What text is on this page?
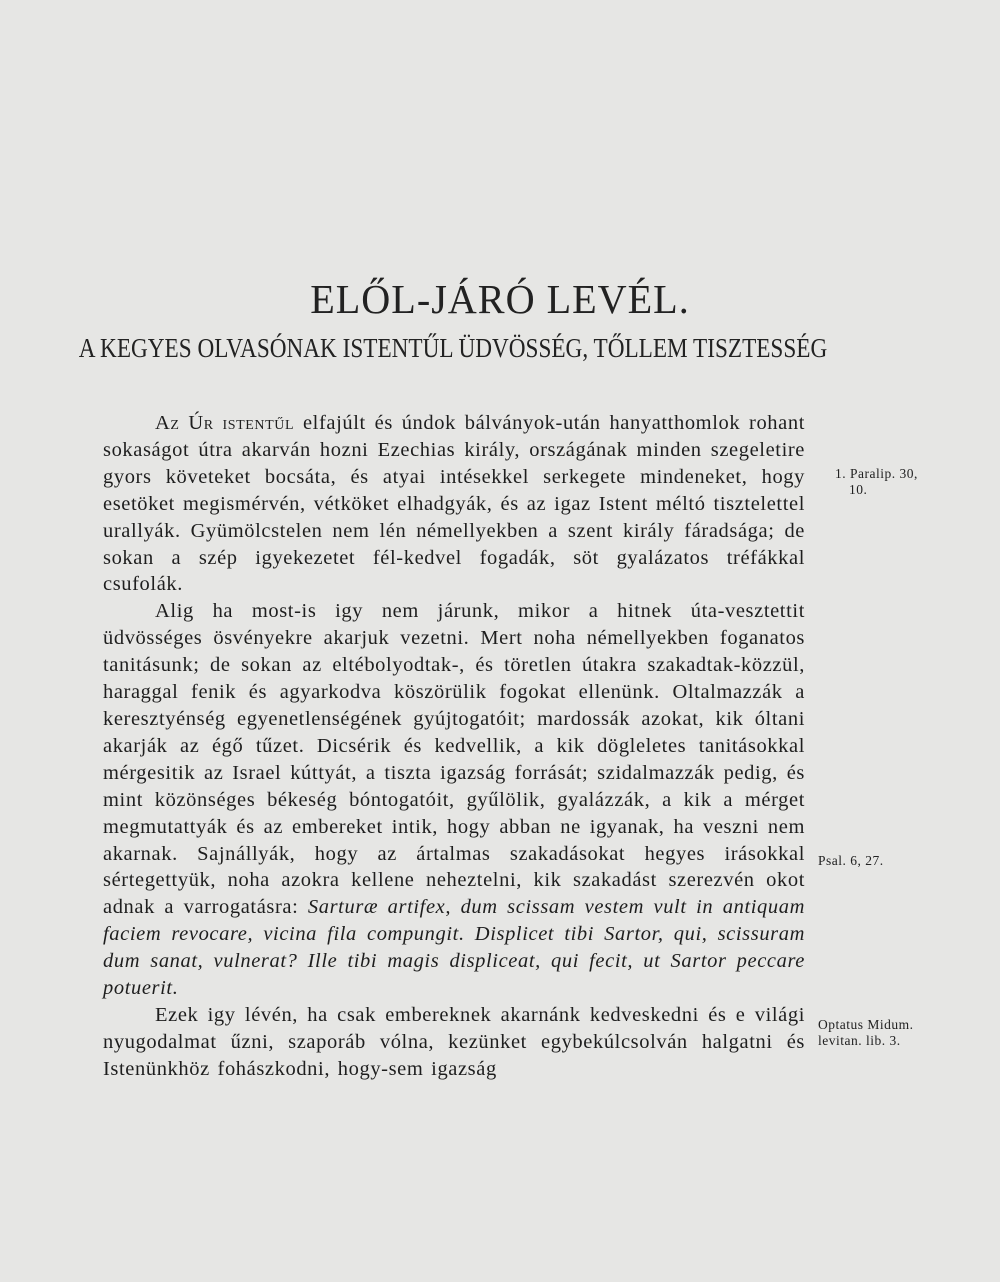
ELŐL-JÁRÓ LEVÉL.
A KEGYES OLVASÓNAK ISTENTŰL ÜDVÖSSÉG, TŐLLEM TISZTESSÉG

Az Úr istentűl elfajúlt és úndok bálványok-után hanyatthomlok rohant sokaságot útra akarván hozni Ezechias király, országának minden szegeletire gyors követeket bocsáta, és atyai intésekkel serkegete mindeneket, hogy esetöket megismérvén, vétköket elhadgyák, és az igaz Istent méltó tisztelettel urallyák. Gyümölcstelen nem lén némellyekben a szent király fáradsága; de sokan a szép igyekezetet fél-kedvel fogadák, söt gyalázatos tréfákkal csufolák.

Alig ha most-is igy nem járunk, mikor a hitnek úta-vesztettit üdvösséges ösvényekre akarjuk vezetni. Mert noha némellyekben foganatos tanitásunk; de sokan az eltébolyodtak-, és töretlen útakra szakadtak-közzül, haraggal fenik és agyarkodva köszörülik fogokat ellenünk. Oltalmazzák a keresztyénség egyenetlenségének gyújtogatóit; mardossák azokat, kik óltani akarják az égő tűzet. Dicsérik és kedvellik, a kik dögleletes tanitásokkal mérgesitik az Israel kúttyát, a tiszta igazság forrását; szidalmazzák pedig, és mint közönséges békeség bóntogatóit, gyűlölik, gyalázzák, a kik a mérget megmutattyák és az embereket intik, hogy abban ne igyanak, ha veszni nem akarnak. Sajnállyák, hogy az ártalmas szakadásokat hegyes irásokkal sértegettyük, noha azokra kellene neheztelni, kik szakadást szerezvén okot adnak a varrogatásra: Sarturæ artifex, dum scissam vestem vult in antiquam faciem revocare, vicina fila compungit. Displicet tibi Sartor, qui, scissuram dum sanat, vulnerat? Ille tibi magis displiceat, qui fecit, ut Sartor peccare potuerit.

Ezek igy lévén, ha csak embereknek akarnánk kedveskedni és e világi nyugodalmat űzni, szaporáb vólna, kezünket egybekúlcsolván halgatni és Istenünkhöz fohászkodni, hogy-sem igazság

1. Paralip. 30,
10.
Psal. 6, 27.
Optatus Midum. levitan. lib. 3.
